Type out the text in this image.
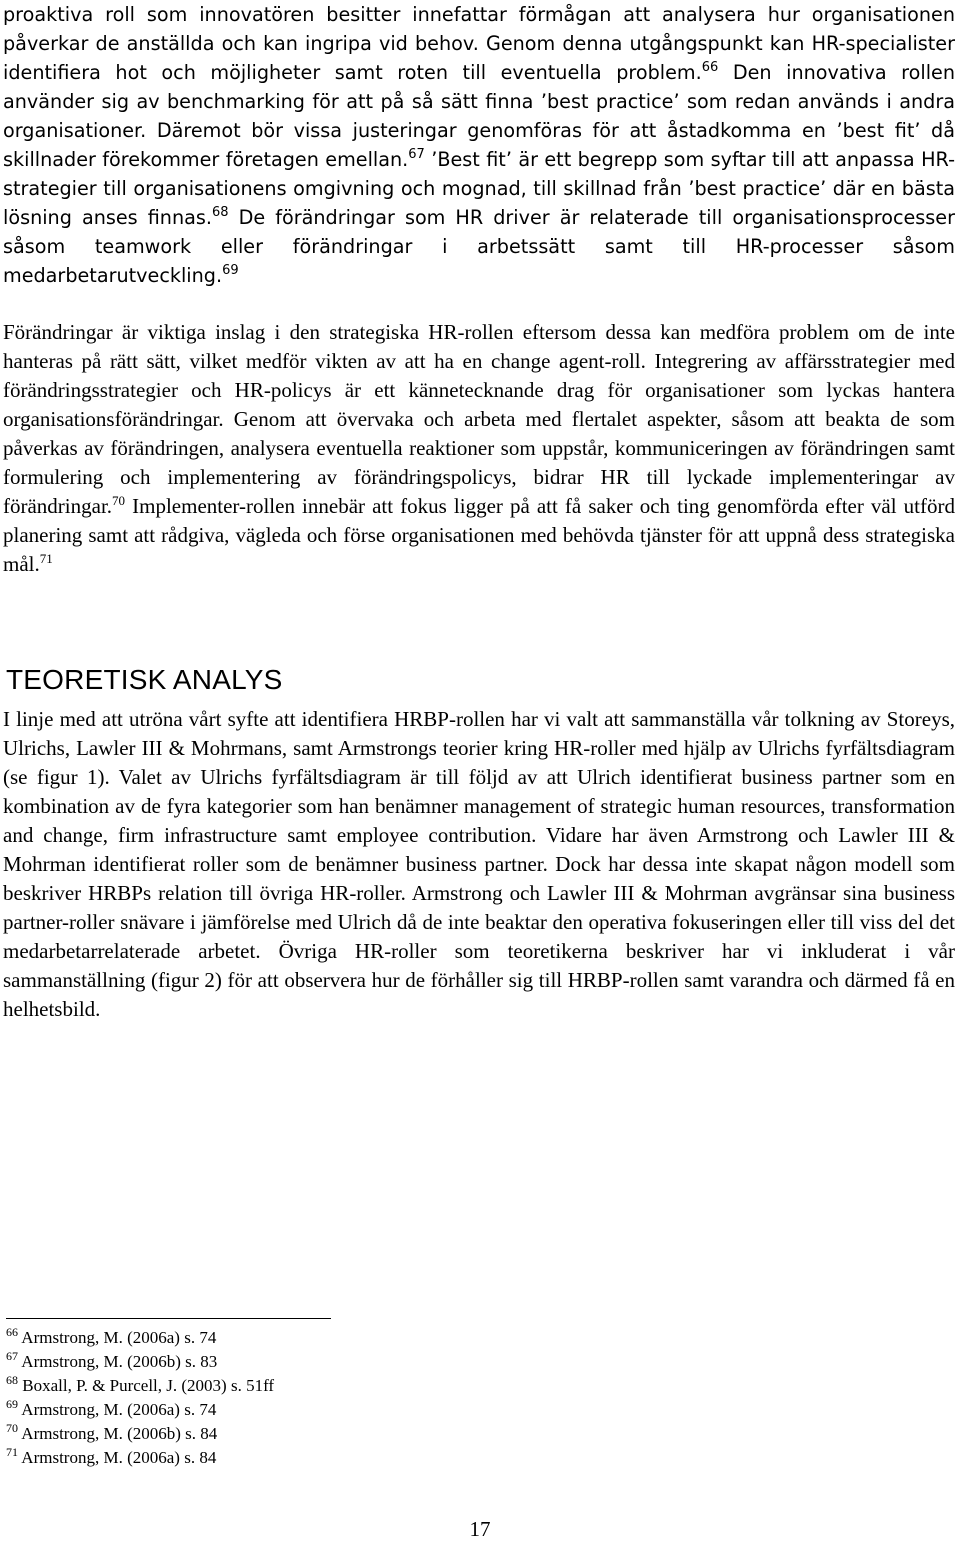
proaktiva roll som innovatören besitter innefattar förmågan att analysera hur organisationen påverkar de anställda och kan ingripa vid behov. Genom denna utgångspunkt kan HR-specialister identifiera hot och möjligheter samt roten till eventuella problem.$^{66}$ Den innovativa rollen använder sig av benchmarking för att på så sätt finna ’best practice’ som redan används i andra organisationer. Däremot bör vissa justeringar genomföras för att åstadkomma en ’best fit’ då skillnader förekommer företagen emellan.$^{67}$ ’Best fit’ är ett begrepp som syftar till att anpassa HR-strategier till organisationens omgivning och mognad, till skillnad från ’best practice’ där en bästa lösning anses finnas.$^{68}$ De förändringar som HR driver är relaterade till organisationsprocesser såsom teamwork eller förändringar i arbetssätt samt till HR-processer såsom medarbetarutveckling.$^{69}$

Förändringar är viktiga inslag i den strategiska HR-rollen eftersom dessa kan medföra problem om de inte hanteras på rätt sätt, vilket medför vikten av att ha en change agent-roll. Integrering av affärsstrategier med förändringsstrategier och HR-policys är ett kännetecknande drag för organisationer som lyckas hantera organisationsförändringar. Genom att övervaka och arbeta med flertalet aspekter, såsom att beakta de som påverkas av förändringen, analysera eventuella reaktioner som uppstår, kommuniceringen av förändringen samt formulering och implementering av förändringspolicys, bidrar HR till lyckade implementeringar av förändringar.$^{70}$ Implementer-rollen innebär att fokus ligger på att få saker och ting genomförda efter väl utförd planering samt att rådgiva, vägleda och förse organisationen med behövda tjänster för att uppnå dess strategiska mål.$^{71}$

TEORETISK ANALYS

I linje med att utröna vårt syfte att identifiera HRBP-rollen har vi valt att sammanställa vår tolkning av Storeys, Ulrichs, Lawler III & Mohrmans, samt Armstrongs teorier kring HR-roller med hjälp av Ulrichs fyrfältsdiagram (se figur 1). Valet av Ulrichs fyrfältsdiagram är till följd av att Ulrich identifierat business partner som en kombination av de fyra kategorier som han benämner management of strategic human resources, transformation and change, firm infrastructure samt employee contribution. Vidare har även Armstrong och Lawler III & Mohrman identifierat roller som de benämner business partner. Dock har dessa inte skapat någon modell som beskriver HRBPs relation till övriga HR-roller. Armstrong och Lawler III & Mohrman avgränsar sina business partner-roller snävare i jämförelse med Ulrich då de inte beaktar den operativa fokuseringen eller till viss del det medarbetarrelaterade arbetet. Övriga HR-roller som teoretikerna beskriver har vi inkluderat i vår sammanställning (figur 2) för att observera hur de förhåller sig till HRBP-rollen samt varandra och därmed få en helhetsbild.

$^{66}$ Armstrong, M. (2006a) s. 74
$^{67}$ Armstrong, M. (2006b) s. 83
$^{68}$ Boxall, P. & Purcell, J. (2003) s. 51ff
$^{69}$ Armstrong, M. (2006a) s. 74
$^{70}$ Armstrong, M. (2006b) s. 84
$^{71}$ Armstrong, M. (2006a) s. 84
17
